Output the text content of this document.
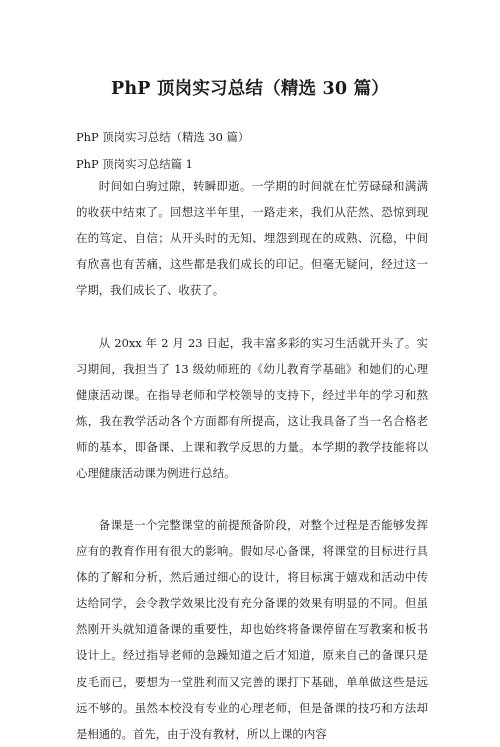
PhP 顶岗实习总结（精选 30 篇）
PhP 顶岗实习总结（精选 30 篇）
PhP 顶岗实习总结篇 1

时间如白驹过隙，转瞬即逝。一学期的时间就在忙劳碌碌和满满的收获中结束了。回想这半年里，一路走来，我们从茫然、恐惊到现在的笃定、自信；从开头时的无知、埋怨到现在的成熟、沉稳，中间有欣喜也有苦痛，这些都是我们成长的印记。但毫无疑问，经过这一学期，我们成长了、收获了。

从 20xx 年 2 月 23 日起，我丰富多彩的实习生活就开头了。实习期间，我担当了 13 级幼师班的《幼儿教育学基础》和她们的心理健康活动课。在指导老师和学校领导的支持下，经过半年的学习和熬炼，我在教学活动各个方面都有所提高，这让我具备了当一名合格老师的基本，即备课、上课和教学反思的力量。本学期的教学技能将以心理健康活动课为例进行总结。

备课是一个完整课堂的前提预备阶段，对整个过程是否能够发挥应有的教育作用有很大的影响。假如尽心备课，将课堂的目标进行具体的了解和分析，然后通过细心的设计，将目标寓于嬉戏和活动中传达给同学，会令教学效果比没有充分备课的效果有明显的不同。但虽然刚开头就知道备课的重要性，却也始终将备课停留在写教案和板书设计上。经过指导老师的急躁知道之后才知道，原来自己的备课只是皮毛而已，要想为一堂胜利而又完善的课打下基础，单单做这些是远远不够的。虽然本校没有专业的心理老师，但是备课的技巧和方法却是相通的。首先，由于没有教材，所以上课的内容
